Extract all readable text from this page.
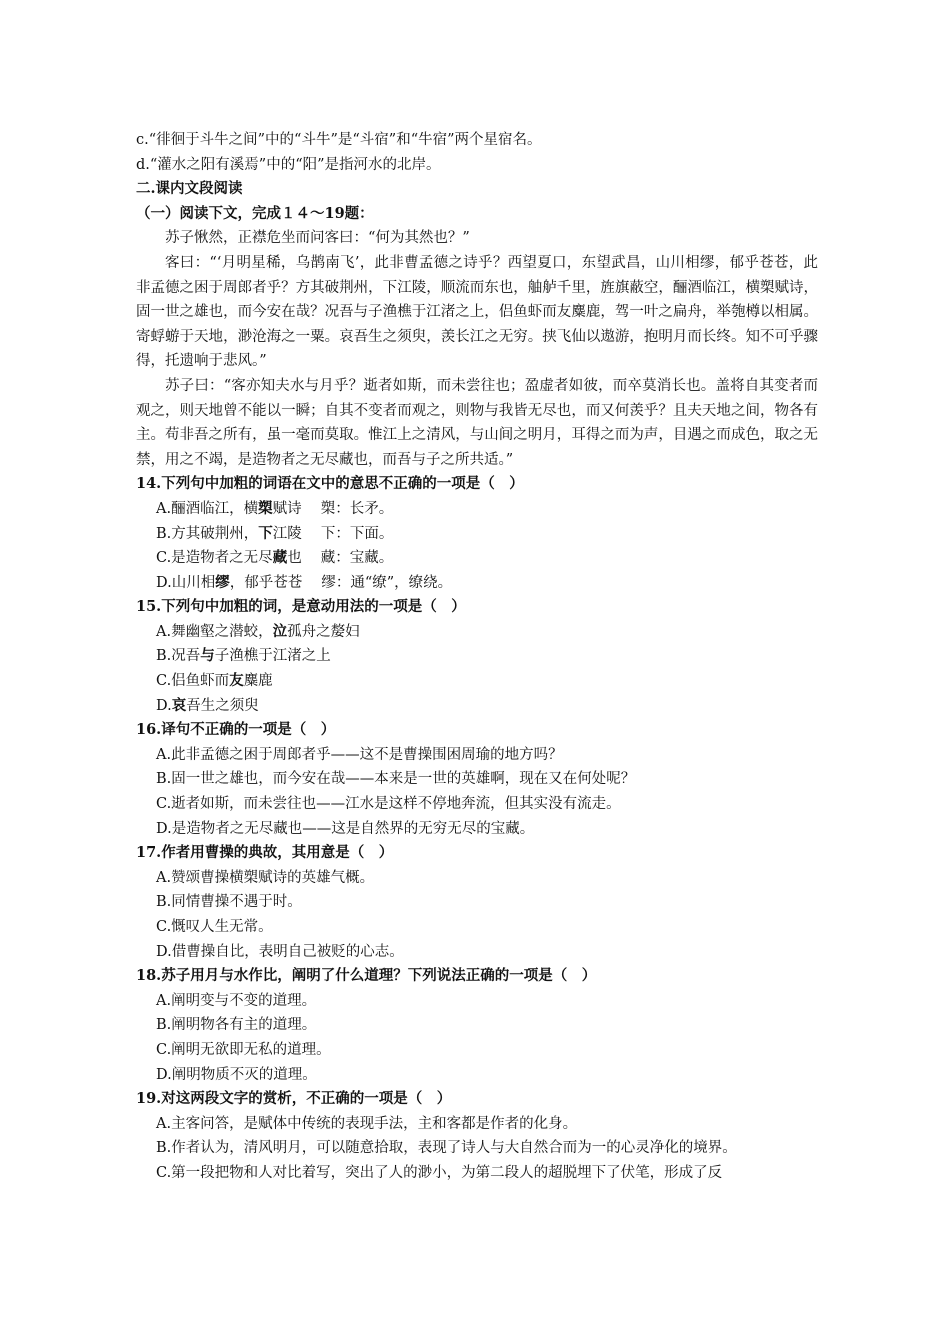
c.“徘徊于斗牛之间”中的“斗牛”是“斗宿”和“牛宿”两个星宿名。
d.“灌水之阳有溪焉”中的“阳”是指河水的北岸。
二.课内文段阅读
（一）阅读下文，完成１４～19题：
苏子愀然，正襟危坐而问客曰：“何为其然也？”
客曰：“‘月明星稀，乌鹊南飞’，此非曹孟德之诗乎？西望夏口，东望武昌，山川相缪，郁乎苍苍，此非孟德之困于周郎者乎？方其破荆州，下江陵，顺流而东也，舳舻千里，旌旗蔽空，酾酒临江，横槊赋诗，固一世之雄也，而今安在哉？况吾与子渔樵于江渚之上，侣鱼虾而友麋鹿，驾一叶之扁舟，举匏樽以相属。寄蜉蝣于天地，渺沧海之一粟。哀吾生之须臾，羡长江之无穷。挟飞仙以遨游，抱明月而长终。知不可乎骤得，托遗响于悲风。”
苏子曰：“客亦知夫水与月乎？逝者如斯，而未尝往也；盈虚者如彼，而卒莫消长也。盖将自其变者而观之，则天地曾不能以一瞬；自其不变者而观之，则物与我皆无尽也，而又何羡乎？且夫天地之间，物各有主。苟非吾之所有，虽一毫而莫取。惟江上之清风，与山间之明月，耳得之而为声，目遇之而成色，取之无禁，用之不竭，是造物者之无尽藏也，而吾与子之所共适。”
14.下列句中加粗的词语在文中的意思不正确的一项是（　）
A.酾酒临江，横槊赋诗　 槊：长矛。
B.方其破荆州，下江陵　 下：下面。
C.是造物者之无尽藏也　 藏：宝藏。
D.山川相缪，郁乎苍苍　 缪：通“缭”，缭绕。
15.下列句中加粗的词，是意动用法的一项是（　）
A.舞幽壑之潜蛟，泣孤舟之嫠妇
B.况吾与子渔樵于江渚之上
C.侣鱼虾而友麋鹿
D.哀吾生之须臾
16.译句不正确的一项是（　）
A.此非孟德之困于周郎者乎——这不是曹操围困周瑜的地方吗？
B.固一世之雄也，而今安在哉——本来是一世的英雄啊，现在又在何处呢？
C.逝者如斯，而未尝往也——江水是这样不停地奔流，但其实没有流走。
D.是造物者之无尽藏也——这是自然界的无穷无尽的宝藏。
17.作者用曹操的典故，其用意是（　）
A.赞颂曹操横槊赋诗的英雄气概。
B.同情曹操不遇于时。
C.慨叹人生无常。
D.借曹操自比，表明自己被贬的心志。
18.苏子用月与水作比，阐明了什么道理？下列说法正确的一项是（　）
A.阐明变与不变的道理。
B.阐明物各有主的道理。
C.阐明无欲即无私的道理。
D.阐明物质不灭的道理。
19.对这两段文字的赏析，不正确的一项是（　）
A.主客问答，是赋体中传统的表现手法，主和客都是作者的化身。
B.作者认为，清风明月，可以随意拾取，表现了诗人与大自然合而为一的心灵净化的境界。
C.第一段把物和人对比着写，突出了人的渺小，为第二段人的超脱埋下了伏笔，形成了反
